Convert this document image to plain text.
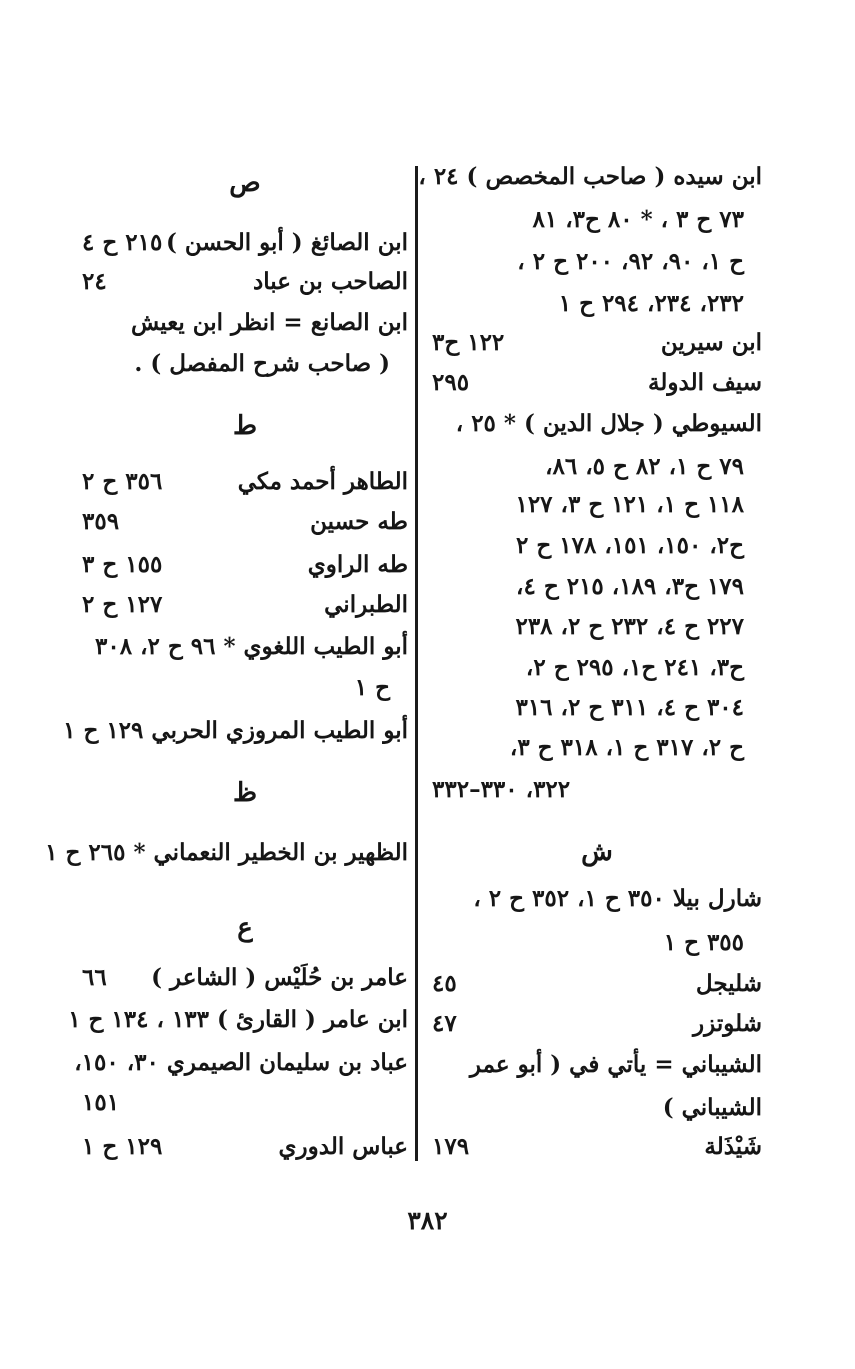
ابن سيده ( صاحب المخصص ) ٢٤ ،
٧٣ ح ٣ ، * ٨٠ ح٣، ٨١
ح ١، ٩٠، ٩٢، ٢٠٠ ح ٢ ،
٢٣٢، ٢٣٤، ٢٩٤ ح ١
ابن سيرين
١٢٢ ح٣
سيف الدولة
٢٩٥
السيوطي ( جلال الدين ) * ٢٥ ،
٧٩ ح ١، ٨٢ ح ٥، ٨٦،
١١٨ ح ١، ١٢١ ح ٣، ١٢٧
ح٢، ١٥٠، ١٥١، ١٧٨ ح ٢
١٧٩ ح٣، ١٨٩، ٢١٥ ح ٤،
٢٢٧ ح ٤، ٢٣٢ ح ٢، ٢٣٨
ح٣، ٢٤١ ح١، ٢٩٥ ح ٢،
٣٠٤ ح ٤، ٣١١ ح ٢، ٣١٦
ح ٢، ٣١٧ ح ١، ٣١٨ ح ٣،
٣٢٢، ٣٣٠–٣٣٢
ش
شارل بيلا ٣٥٠ ح ١، ٣٥٢ ح ٢ ،
٣٥٥ ح ١
شليجل
٤٥
شلوتزر
٤٧
الشيباني = يأتي في ( أبو عمر
الشيباني )
شَيْذَلة
١٧٩
ص
ابن الصائغ ( أبو الحسن )
٢١٥ ح ٤
الصاحب بن عباد
٢٤
ابن الصانع = انظر ابن يعيش
( صاحب شرح المفصل ) .
ط
الطاهر أحمد مكي
٣٥٦ ح ٢
طه حسين
٣٥٩
طه الراوي
١٥٥ ح ٣
الطبراني
١٢٧ ح ٢
أبو الطيب اللغوي * ٩٦ ح ٢، ٣٠٨
ح ١
أبو الطيب المروزي الحربي ١٢٩ ح ١
ظ
الظهير بن الخطير النعماني * ٢٦٥ ح ١
ع
عامر بن حُلَيْس ( الشاعر )
٦٦
ابن عامر ( القارئ ) ١٣٣ ، ١٣٤ ح ١
عباد بن سليمان الصيمري ٣٠، ١٥٠،
١٥١
عباس الدوري
١٢٩ ح ١
٣٨٢
